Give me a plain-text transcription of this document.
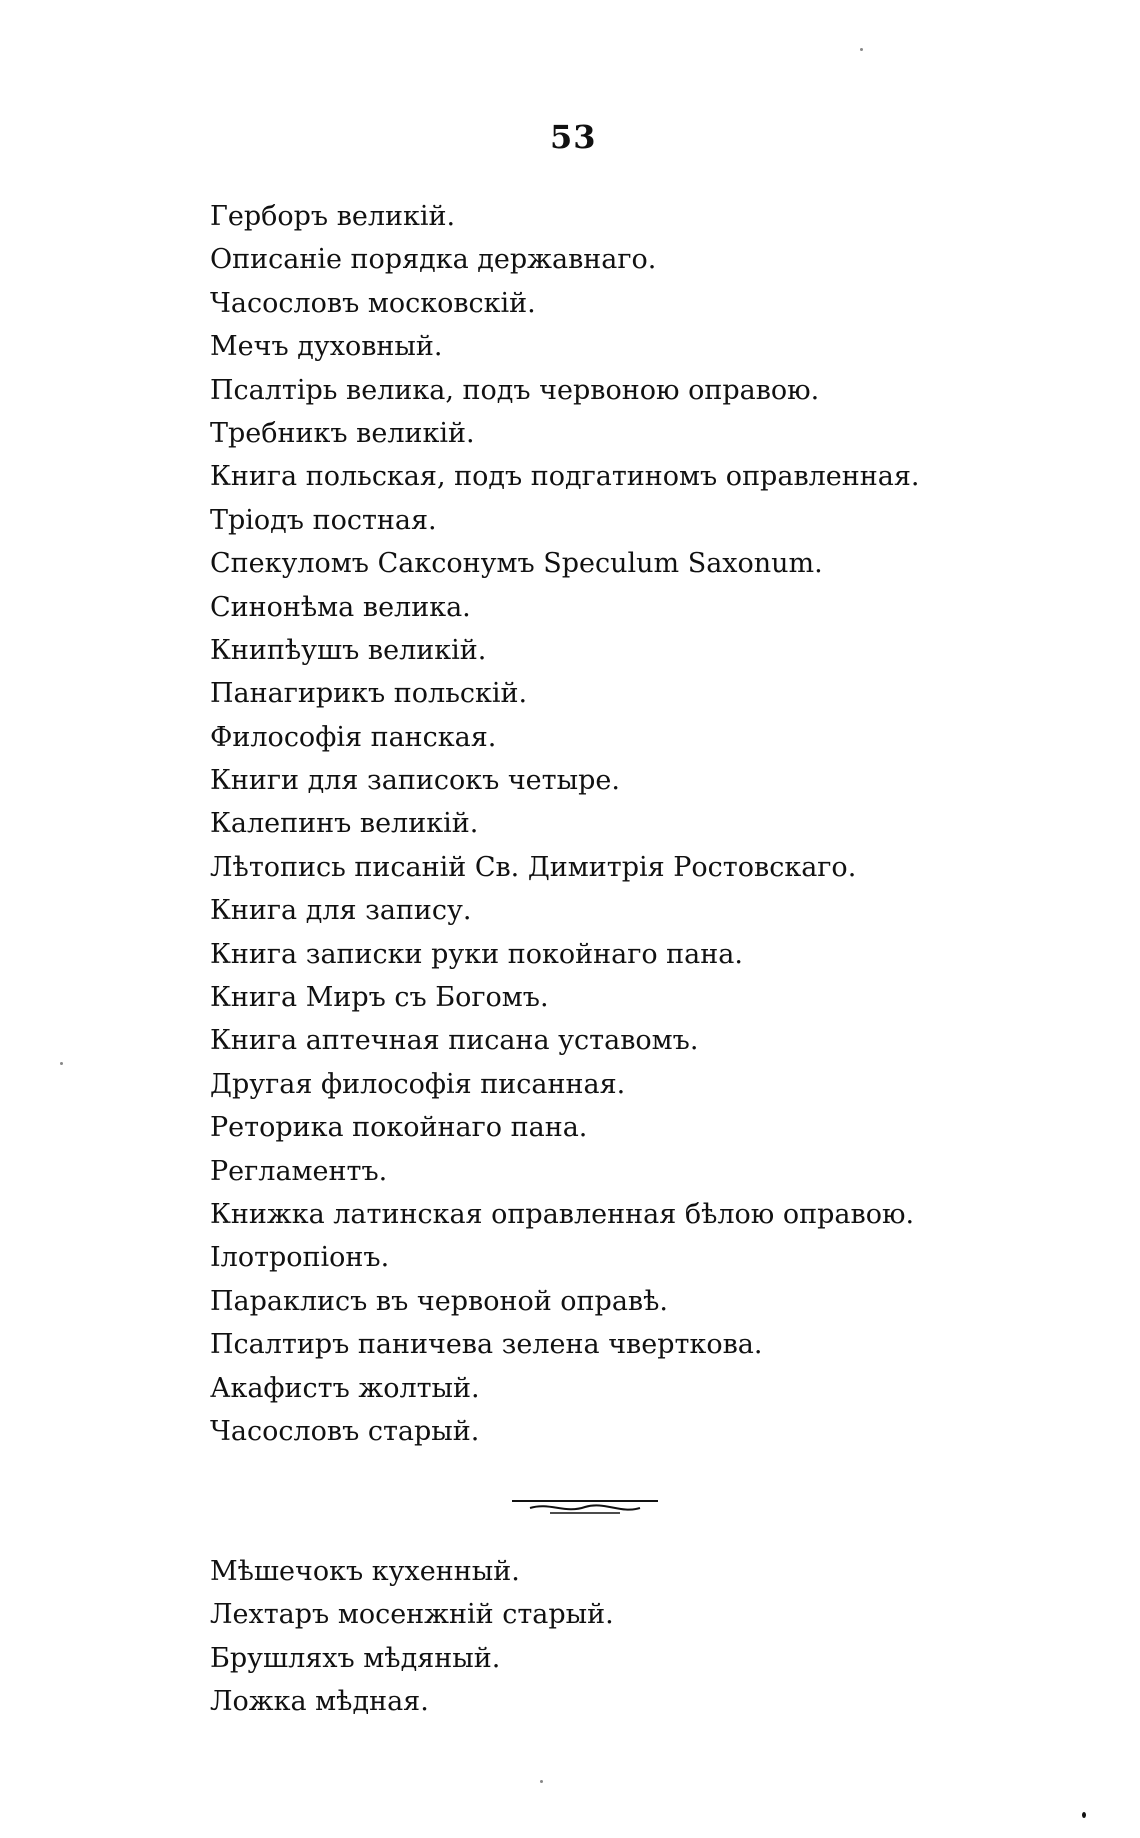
53
Герборъ великiй.
Описанiе порядка державнаго.
Часословъ московскiй.
Мечъ духовный.
Псалтiрь велика, подъ червоною оправою.
Требникъ великiй.
Книга польская, подъ подгатиномъ оправленная.
Трiодъ постная.
Спекуломъ Саксонумъ Speculum Saxonum.
Синонѣма велика.
Книпѣушъ великiй.
Панагирикъ польскiй.
Философiя панская.
Книги для записокъ четыре.
Калепинъ великiй.
Лѣтопись писанiй Св. Димитрiя Ростовскаго.
Книга для запису.
Книга записки руки покойнаго пана.
Книга Миръ съ Богомъ.
Книга аптечная писана уставомъ.
Другая философiя писанная.
Реторика покойнаго пана.
Регламентъ.
Книжка латинская оправленная бѣлою оправою.
Iлотропiонъ.
Параклисъ въ червоной оправѣ.
Псалтиръ паничева зелена чвертковa.
Акафистъ жолтый.
Часословъ старый.
Мѣшечокъ кухенный.
Лехтаръ мосенжнiй старый.
Брушляхъ мѣдяный.
Ложка мѣдная.
